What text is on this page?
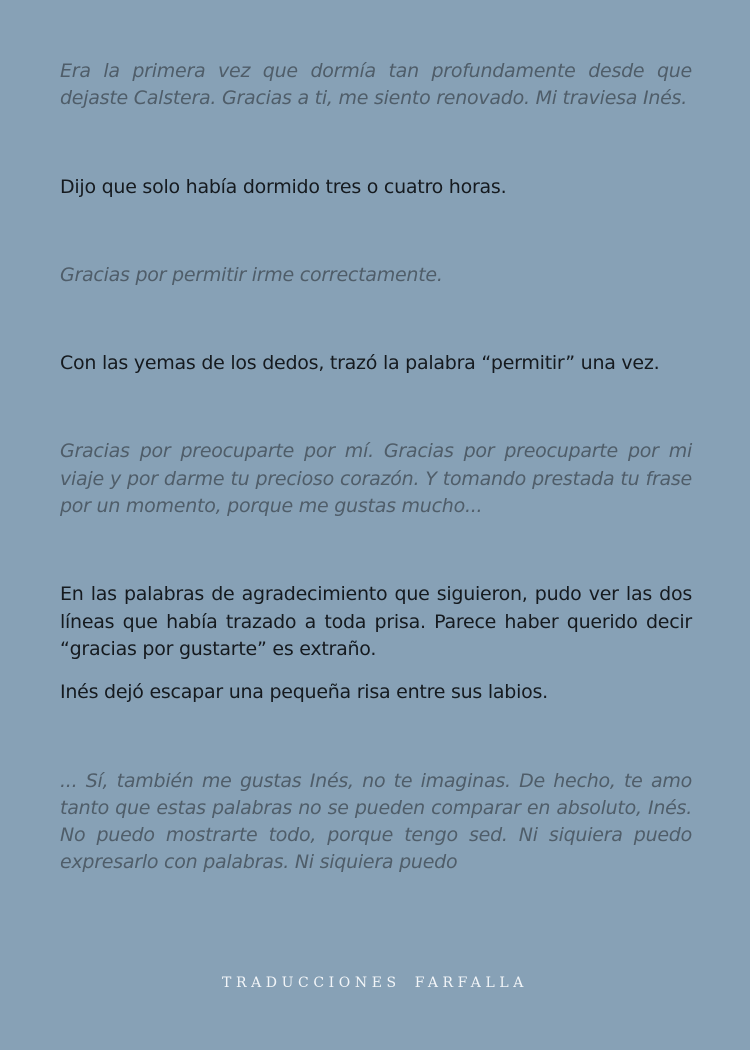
Era la primera vez que dormía tan profundamente desde que dejaste Calstera. Gracias a ti, me siento renovado. Mi traviesa Inés.

Dijo que solo había dormido tres o cuatro horas.

Gracias por permitir irme correctamente.

Con las yemas de los dedos, trazó la palabra “permitir” una vez.

Gracias por preocuparte por mí. Gracias por preocuparte por mi viaje y por darme tu precioso corazón. Y tomando prestada tu frase por un momento, porque me gustas mucho...

En las palabras de agradecimiento que siguieron, pudo ver las dos líneas que había trazado a toda prisa. Parece haber querido decir “gracias por gustarte” es extraño.

Inés dejó escapar una pequeña risa entre sus labios.

... Sí, también me gustas Inés, no te imaginas. De hecho, te amo tanto que estas palabras no se pueden comparar en absoluto, Inés. No puedo mostrarte todo, porque tengo sed. Ni siquiera puedo expresarlo con palabras. Ni siquiera puedo

TRADUCCIONES FARFALLA
